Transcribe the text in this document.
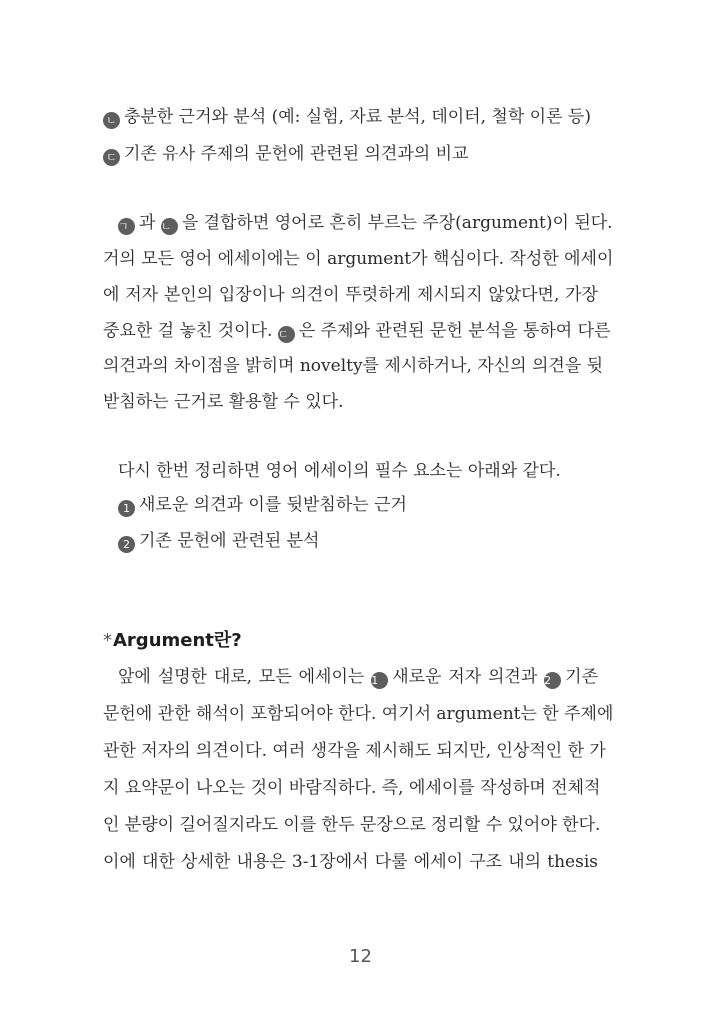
ㄴ 충분한 근거와 분석 (예: 실험, 자료 분석, 데이터, 철학 이론 등)
ㄷ 기존 유사 주제의 문헌에 관련된 의견과의 비교
ㄱ 과 ㄴ 을 결합하면 영어로 흔히 부르는 주장(argument)이 된다.
거의 모든 영어 에세이에는 이 argument가 핵심이다. 작성한 에세이
에 저자 본인의 입장이나 의견이 뚜렷하게 제시되지 않았다면, 가장
중요한 걸 놓친 것이다. ㄷ 은 주제와 관련된 문헌 분석을 통하여 다른
의견과의 차이점을 밝히며 novelty를 제시하거나, 자신의 의견을 뒷
받침하는 근거로 활용할 수 있다.
다시 한번 정리하면 영어 에세이의 필수 요소는 아래와 같다.
1 새로운 의견과 이를 뒷받침하는 근거
2 기존 문헌에 관련된 분석
*Argument란?
앞에 설명한 대로, 모든 에세이는 1 새로운 저자 의견과 2 기존
문헌에 관한 해석이 포함되어야 한다. 여기서 argument는 한 주제에
관한 저자의 의견이다. 여러 생각을 제시해도 되지만, 인상적인 한 가
지 요약문이 나오는 것이 바람직하다. 즉, 에세이를 작성하며 전체적
인 분량이 길어질지라도 이를 한두 문장으로 정리할 수 있어야 한다.
이에 대한 상세한 내용은 3-1장에서 다룰 에세이 구조 내의 thesis
12
